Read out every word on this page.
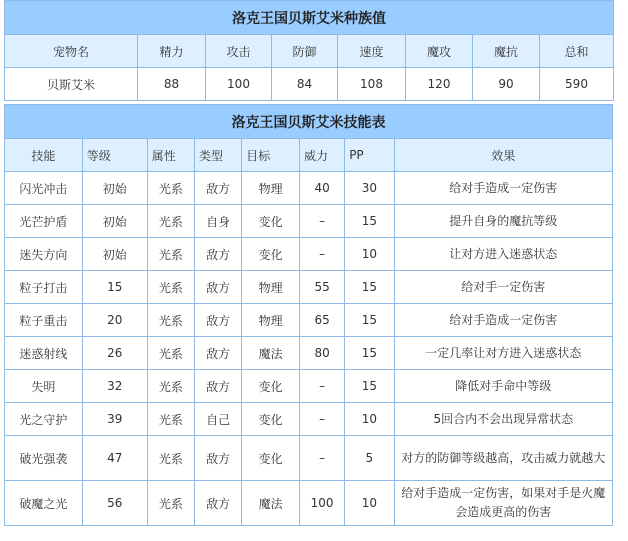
洛克王国贝斯艾米种族值							
宠物名	精力	攻击	防御	速度	魔攻	魔抗	总和
贝斯艾米	88	100	84	108	120	90	590
洛克王国贝斯艾米技能表							
技能	等级	属性	类型	目标	威力	PP	效果
闪光冲击	初始	光系	敌方	物理	40	30	给对手造成一定伤害
光芒护盾	初始	光系	自身	变化	–	15	提升自身的魔抗等级
迷失方向	初始	光系	敌方	变化	–	10	让对方进入迷惑状态
粒子打击	15	光系	敌方	物理	55	15	给对手一定伤害
粒子重击	20	光系	敌方	物理	65	15	给对手造成一定伤害
迷惑射线	26	光系	敌方	魔法	80	15	一定几率让对方进入迷惑状态
失明	32	光系	敌方	变化	–	15	降低对手命中等级
光之守护	39	光系	自己	变化	–	10	5回合内不会出现异常状态
破光强袭	47	光系	敌方	变化	–	5	对方的防御等级越高，攻击威力就越大
破魔之光	56	光系	敌方	魔法	100	10	给对手造成一定伤害，如果对手是火魔会造成更高的伤害
